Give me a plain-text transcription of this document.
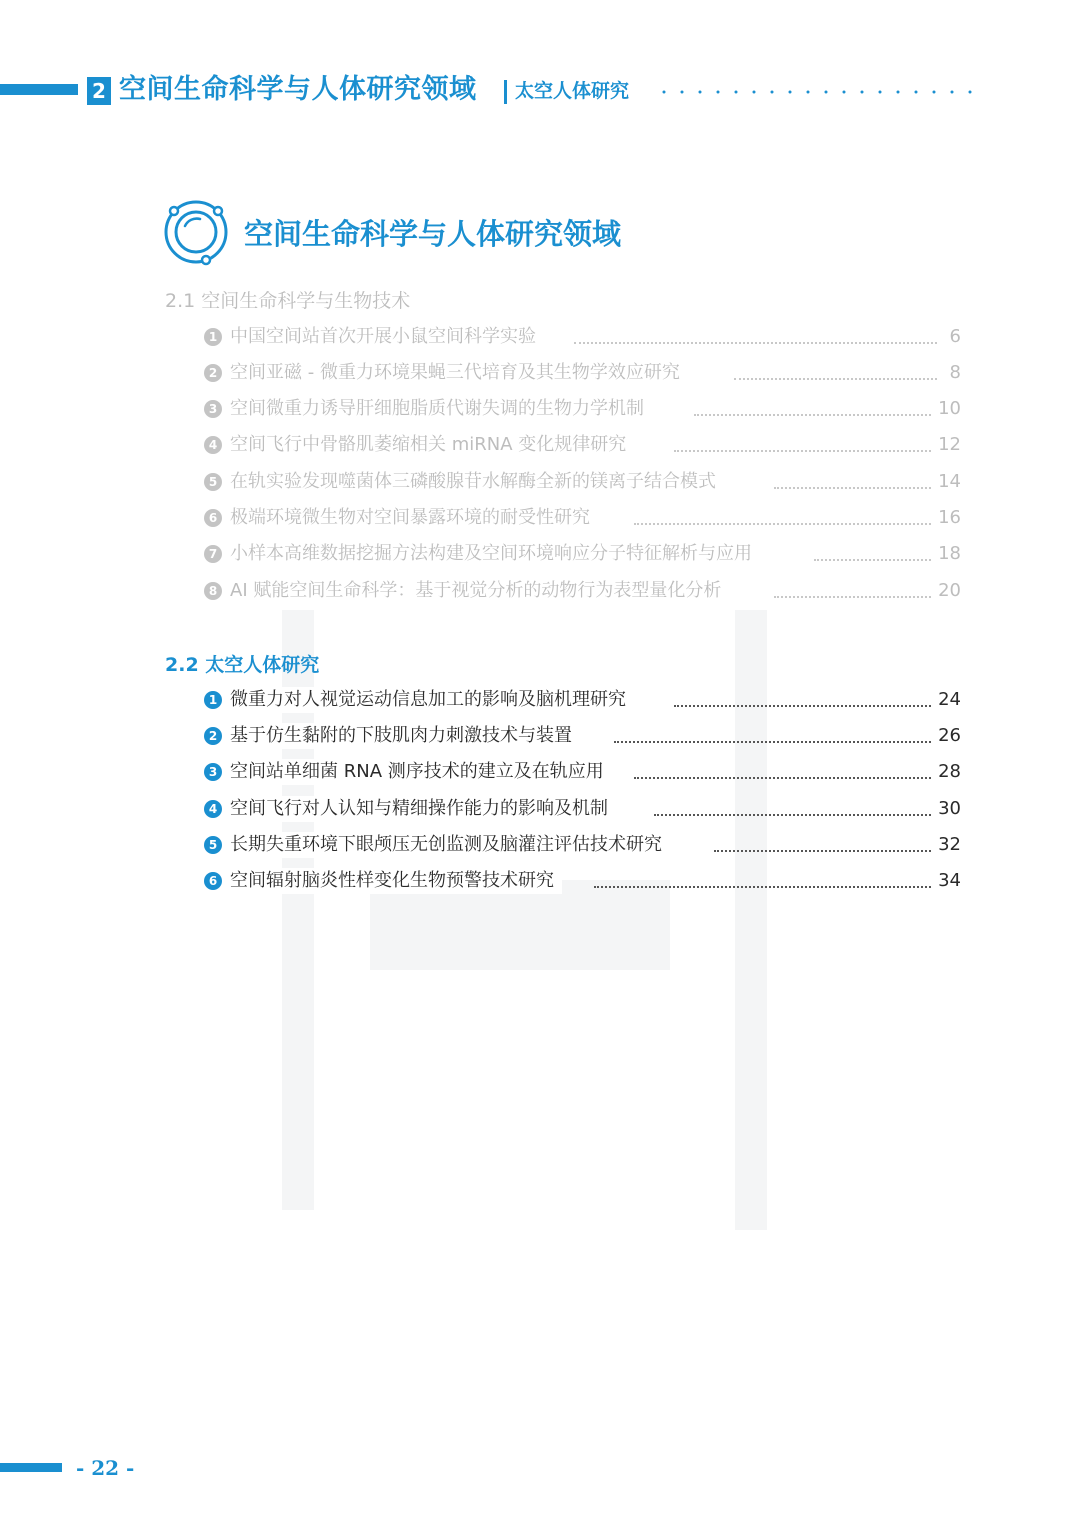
2 空间生命科学与人体研究领域 太空人体研究
空间生命科学与人体研究领域
2.1 空间生命科学与生物技术
1 中国空间站首次开展小鼠空间科学实验	6
2 空间亚磁 - 微重力环境果蝇三代培育及其生物学效应研究	8
3 空间微重力诱导肝细胞脂质代谢失调的生物力学机制	10
4 空间飞行中骨骼肌萎缩相关 miRNA 变化规律研究	12
5 在轨实验发现噬菌体三磷酸腺苷水解酶全新的镁离子结合模式	14
6 极端环境微生物对空间暴露环境的耐受性研究	16
7 小样本高维数据挖掘方法构建及空间环境响应分子特征解析与应用	18
8 AI 赋能空间生命科学：基于视觉分析的动物行为表型量化分析	20
2.2 太空人体研究
1 微重力对人视觉运动信息加工的影响及脑机理研究	24
2 基于仿生黏附的下肢肌肉力刺激技术与装置	26
3 空间站单细菌 RNA 测序技术的建立及在轨应用	28
4 空间飞行对人认知与精细操作能力的影响及机制	30
5 长期失重环境下眼颅压无创监测及脑灌注评估技术研究	32
6 空间辐射脑炎性样变化生物预警技术研究	34
- 22 -
